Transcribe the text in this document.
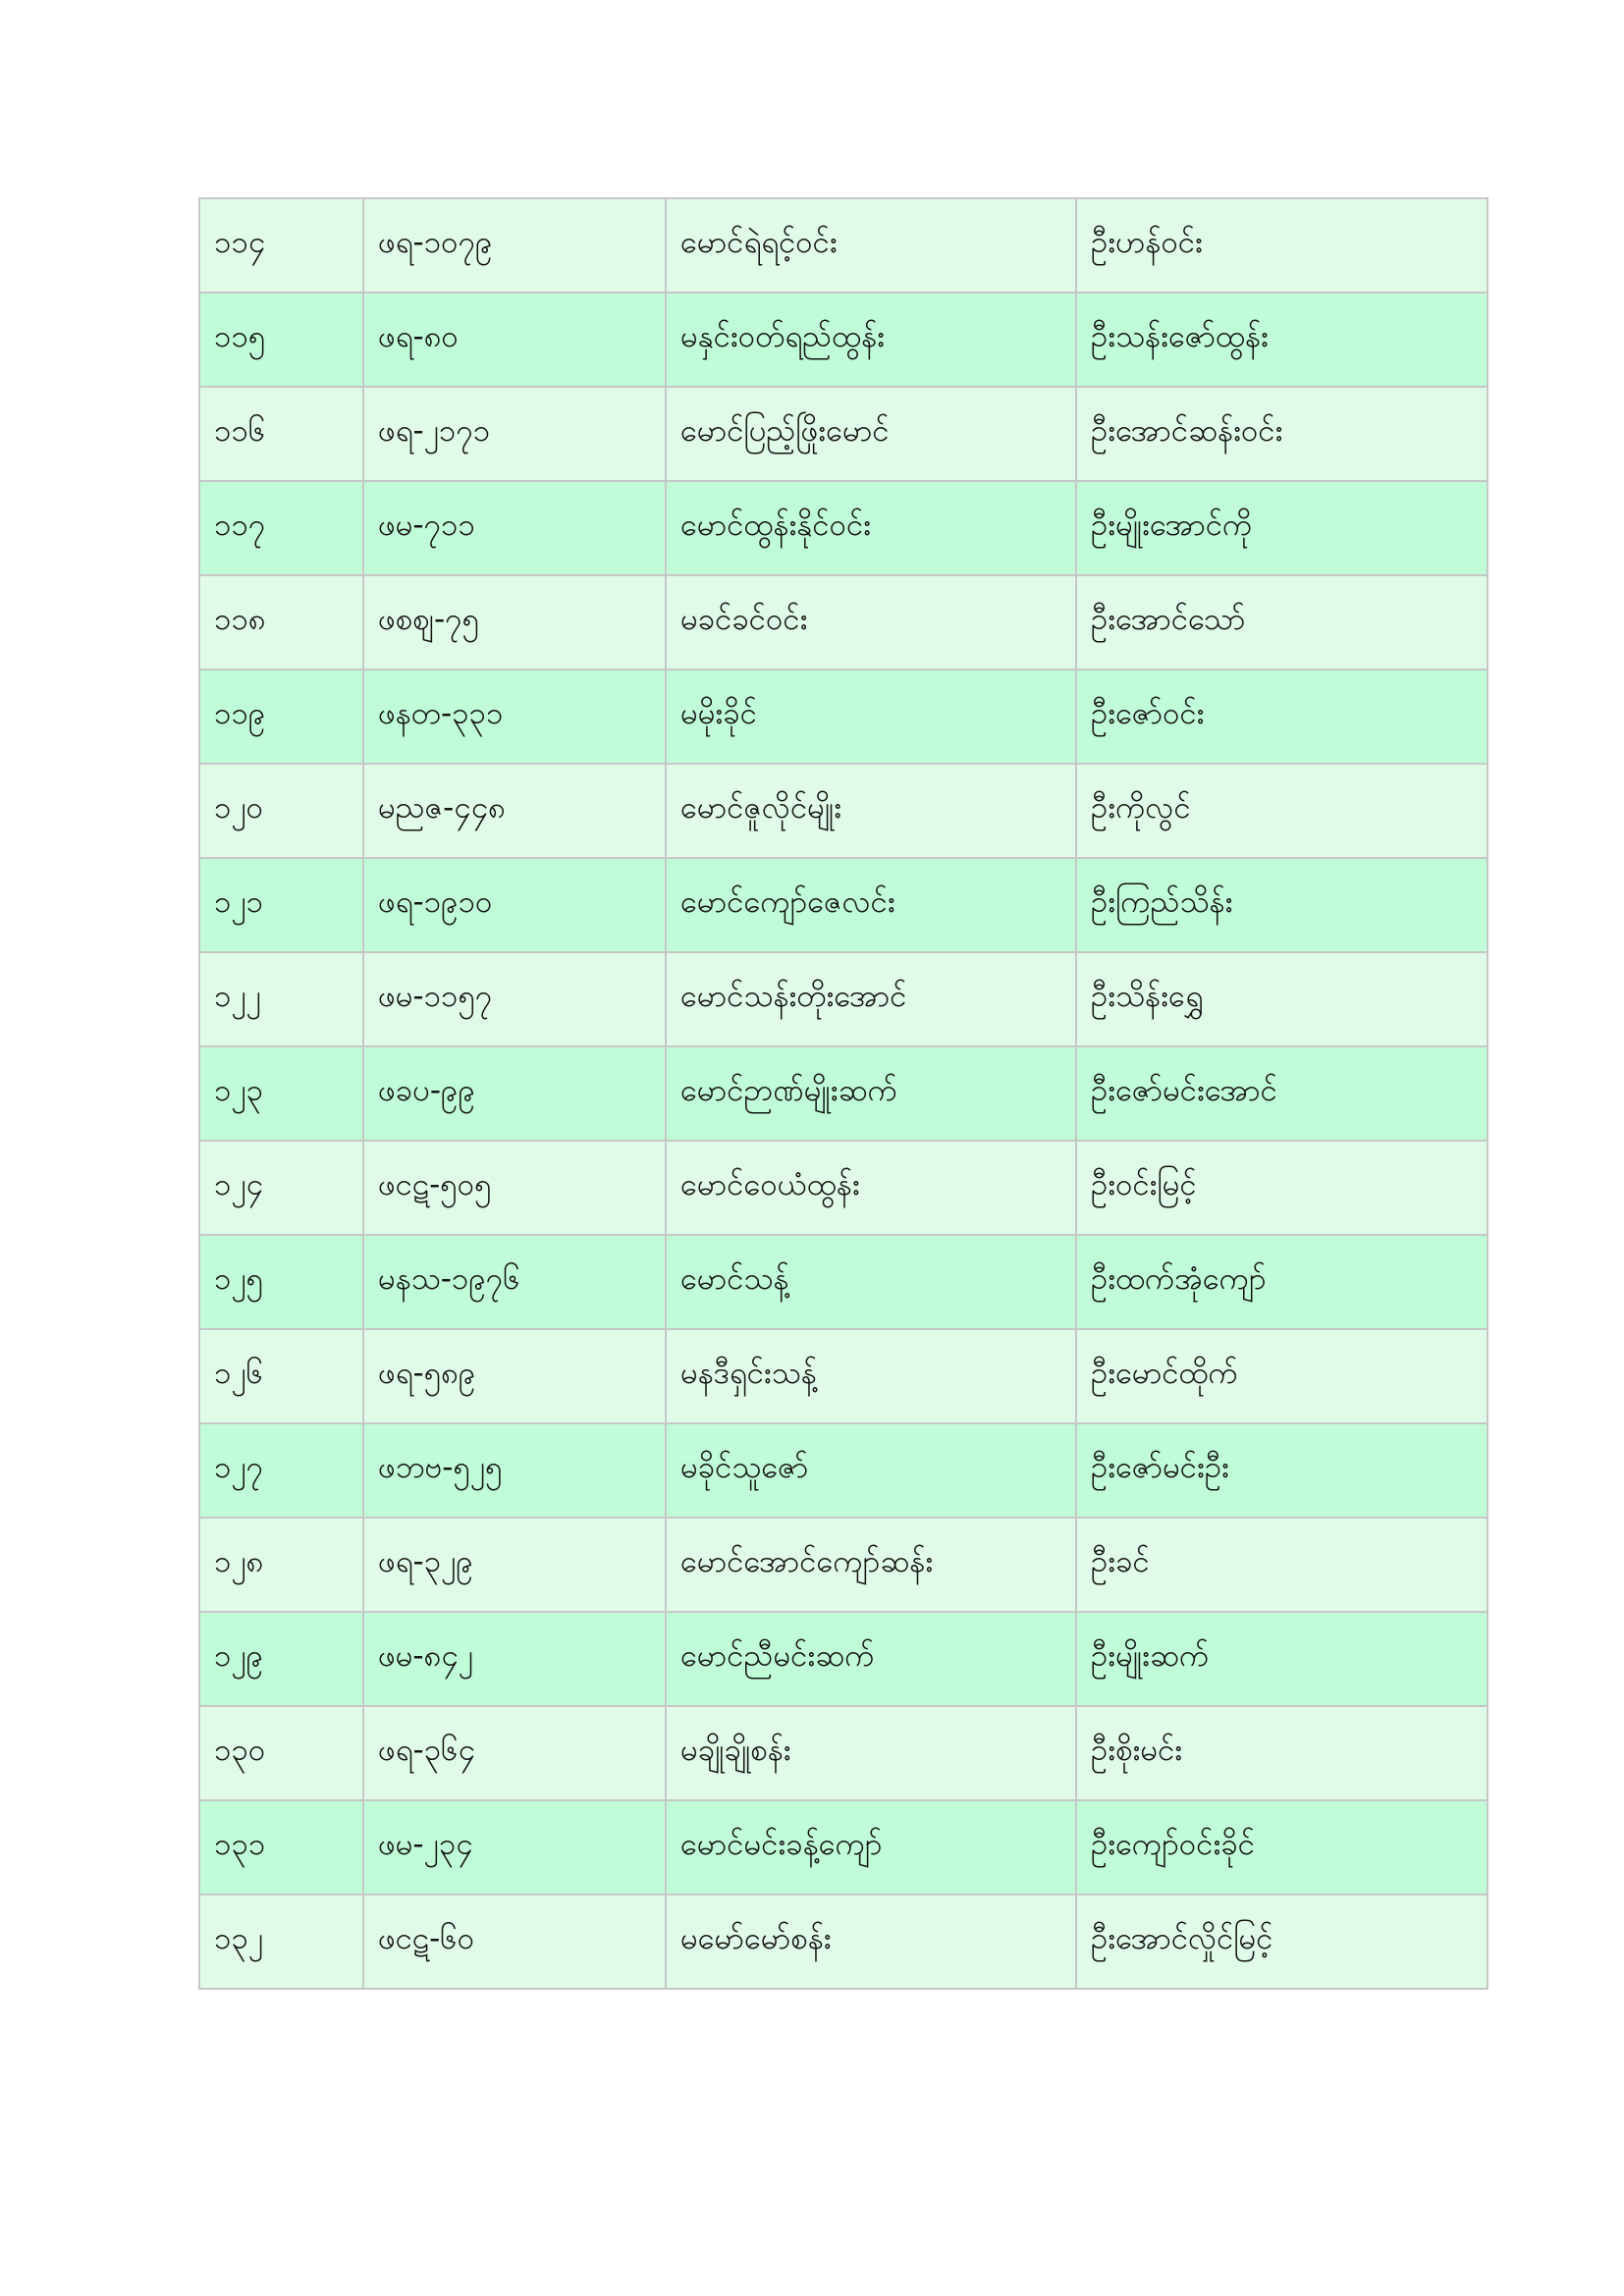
၁၁၄	ဖရ-၁၀၇၉	မောင်ရဲရင့်ဝင်း	ဦးဟန်ဝင်း
၁၁၅	ဖရ-၈၀	မနှင်းဝတ်ရည်ထွန်း	ဦးသန်းဇော်ထွန်း
၁၁၆	ဖရ-၂၁၇၁	မောင်ပြည့်ဖြိုးမောင်	ဦးအောင်ဆန်းဝင်း
၁၁၇	ဖမ-၇၁၁	မောင်ထွန်းနိုင်ဝင်း	ဦးမျိုးအောင်ကို
၁၁၈	ဖစဈ-၇၅	မခင်ခင်ဝင်း	ဦးအောင်သော်
၁၁၉	ဖနတ-၃၃၁	မမိုးခိုင်	ဦးဇော်ဝင်း
၁၂၀	မညဇ-၄၄၈	မောင်ဇူလိုင်မျိုး	ဦးကိုလွင်
၁၂၁	ဖရ-၁၉၁၀	မောင်ကျော်ဇေလင်း	ဦးကြည်သိန်း
၁၂၂	ဖမ-၁၁၅၇	မောင်သန်းတိုးအောင်	ဦးသိန်းရွှေ
၁၂၃	ဖခပ-၉၉	မောင်ဉာဏ်မျိုးဆက်	ဦးဇော်မင်းအောင်
၁၂၄	ဖငဋ-၅၀၅	မောင်ဝေယံထွန်း	ဦးဝင်းမြင့်
၁၂၅	မနသ-၁၉၇၆	မောင်သန့်	ဦးထက်အုံကျော်
၁၂၆	ဖရ-၅၈၉	မနဒီရှင်းသန့်	ဦးမောင်ထိုက်
၁၂၇	ဖဘဗ-၅၂၅	မခိုင်သူဇော်	ဦးဇော်မင်းဦး
၁၂၈	ဖရ-၃၂၉	မောင်အောင်ကျော်ဆန်း	ဦးခင်
၁၂၉	ဖမ-၈၄၂	မောင်ညီမင်းဆက်	ဦးမျိုးဆက်
၁၃၀	ဖရ-၃၆၄	မချိုချိုစန်း	ဦးစိုးမင်း
၁၃၁	ဖမ-၂၃၄	မောင်မင်းခန့်ကျော်	ဦးကျော်ဝင်းခိုင်
၁၃၂	ဖငဋ-၆၀	မမော်မော်စန်း	ဦးအောင်လှိုင်မြင့်
